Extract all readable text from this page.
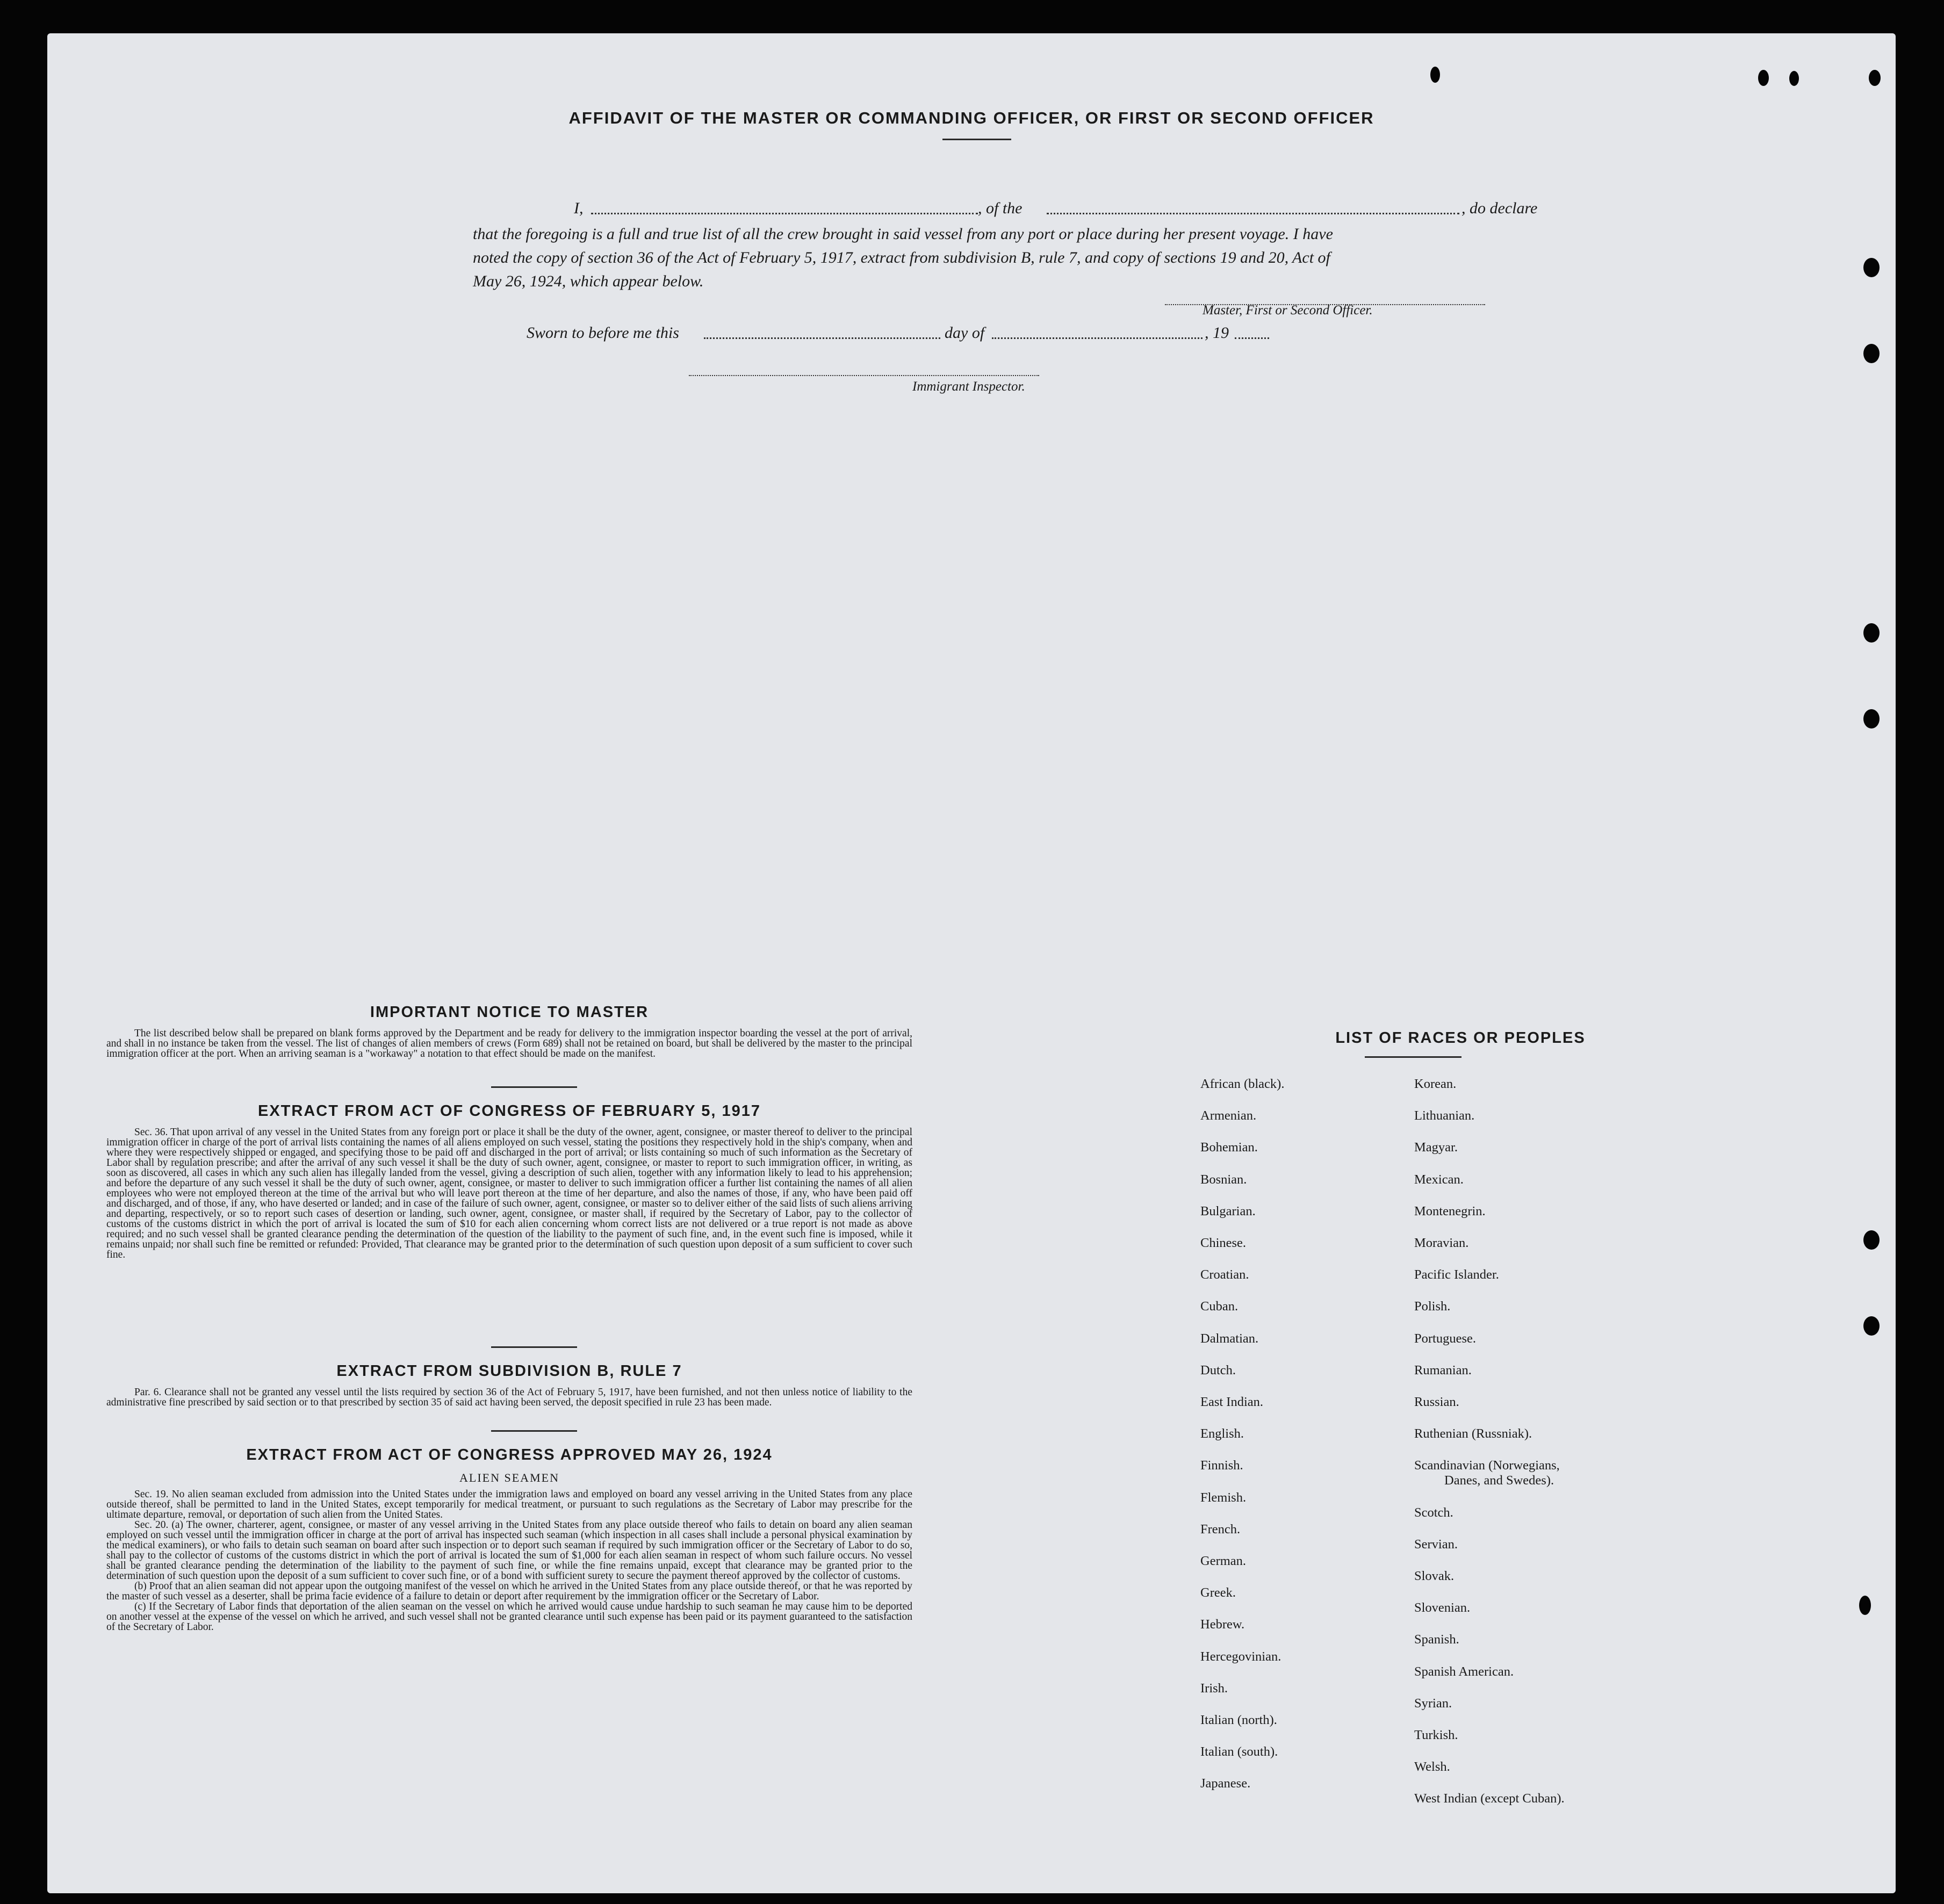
AFFIDAVIT OF THE MASTER OR COMMANDING OFFICER, OR FIRST OR SECOND OFFICER
I,	, of the	, do declare
that the foregoing is a full and true list of all the crew brought in said vessel from any port or place during her present voyage. I have
noted the copy of section 36 of the Act of February 5, 1917, extract from subdivision B, rule 7, and copy of sections 19 and 20, Act of
May 26, 1924, which appear below.
Master, First or Second Officer.
Sworn to before me this	day of	, 19
Immigrant Inspector.
IMPORTANT NOTICE TO MASTER

The list described below shall be prepared on blank forms approved by the Department and be ready for delivery to the immigration inspector boarding the vessel at the port of arrival, and shall in no instance be taken from the vessel. The list of changes of alien members of crews (Form 689) shall not be retained on board, but shall be delivered by the master to the principal immigration officer at the port. When an arriving seaman is a "workaway" a notation to that effect should be made on the manifest.

EXTRACT FROM ACT OF CONGRESS OF FEBRUARY 5, 1917

Sec. 36. That upon arrival of any vessel in the United States from any foreign port or place it shall be the duty of the owner, agent, consignee, or master thereof to deliver to the principal immigration officer in charge of the port of arrival lists containing the names of all aliens employed on such vessel, stating the positions they respectively hold in the ship's company, when and where they were respectively shipped or engaged, and specifying those to be paid off and discharged in the port of arrival; or lists containing so much of such information as the Secretary of Labor shall by regulation prescribe; and after the arrival of any such vessel it shall be the duty of such owner, agent, consignee, or master to report to such immigration officer, in writing, as soon as discovered, all cases in which any such alien has illegally landed from the vessel, giving a description of such alien, together with any information likely to lead to his apprehension; and before the departure of any such vessel it shall be the duty of such owner, agent, consignee, or master to deliver to such immigration officer a further list containing the names of all alien employees who were not employed thereon at the time of the arrival but who will leave port thereon at the time of her departure, and also the names of those, if any, who have been paid off and discharged, and of those, if any, who have deserted or landed; and in case of the failure of such owner, agent, consignee, or master so to deliver either of the said lists of such aliens arriving and departing, respectively, or so to report such cases of desertion or landing, such owner, agent, consignee, or master shall, if required by the Secretary of Labor, pay to the collector of customs of the customs district in which the port of arrival is located the sum of $10 for each alien concerning whom correct lists are not delivered or a true report is not made as above required; and no such vessel shall be granted clearance pending the determination of the question of the liability to the payment of such fine, and, in the event such fine is imposed, while it remains unpaid; nor shall such fine be remitted or refunded: Provided, That clearance may be granted prior to the determination of such question upon deposit of a sum sufficient to cover such fine.

EXTRACT FROM SUBDIVISION B, RULE 7

Par. 6. Clearance shall not be granted any vessel until the lists required by section 36 of the Act of February 5, 1917, have been furnished, and not then unless notice of liability to the administrative fine prescribed by said section or to that prescribed by section 35 of said act having been served, the deposit specified in rule 23 has been made.

EXTRACT FROM ACT OF CONGRESS APPROVED MAY 26, 1924
ALIEN SEAMEN

Sec. 19. No alien seaman excluded from admission into the United States under the immigration laws and employed on board any vessel arriving in the United States from any place outside thereof, shall be permitted to land in the United States, except temporarily for medical treatment, or pursuant to such regulations as the Secretary of Labor may prescribe for the ultimate departure, removal, or deportation of such alien from the United States.

Sec. 20. (a) The owner, charterer, agent, consignee, or master of any vessel arriving in the United States from any place outside thereof who fails to detain on board any alien seaman employed on such vessel until the immigration officer in charge at the port of arrival has inspected such seaman (which inspection in all cases shall include a personal physical examination by the medical examiners), or who fails to detain such seaman on board after such inspection or to deport such seaman if required by such immigration officer or the Secretary of Labor to do so, shall pay to the collector of customs of the customs district in which the port of arrival is located the sum of $1,000 for each alien seaman in respect of whom such failure occurs. No vessel shall be granted clearance pending the determination of the liability to the payment of such fine, or while the fine remains unpaid, except that clearance may be granted prior to the determination of such question upon the deposit of a sum sufficient to cover such fine, or of a bond with sufficient surety to secure the payment thereof approved by the collector of customs.

(b) Proof that an alien seaman did not appear upon the outgoing manifest of the vessel on which he arrived in the United States from any place outside thereof, or that he was reported by the master of such vessel as a deserter, shall be prima facie evidence of a failure to detain or deport after requirement by the immigration officer or the Secretary of Labor.

(c) If the Secretary of Labor finds that deportation of the alien seaman on the vessel on which he arrived would cause undue hardship to such seaman he may cause him to be deported on another vessel at the expense of the vessel on which he arrived, and such vessel shall not be granted clearance until such expense has been paid or its payment guaranteed to the satisfaction of the Secretary of Labor.

LIST OF RACES OR PEOPLES
African (black).
Armenian.
Bohemian.
Bosnian.
Bulgarian.
Chinese.
Croatian.
Cuban.
Dalmatian.
Dutch.
East Indian.
English.
Finnish.
Flemish.
French.
German.
Greek.
Hebrew.
Hercegovinian.
Irish.
Italian (north).
Italian (south).
Japanese.
Korean.
Lithuanian.
Magyar.
Mexican.
Montenegrin.
Moravian.
Pacific Islander.
Polish.
Portuguese.
Rumanian.
Russian.
Ruthenian (Russniak).
Scandinavian (Norwegians,
Danes, and Swedes).
Scotch.
Servian.
Slovak.
Slovenian.
Spanish.
Spanish American.
Syrian.
Turkish.
Welsh.
West Indian (except Cuban).
